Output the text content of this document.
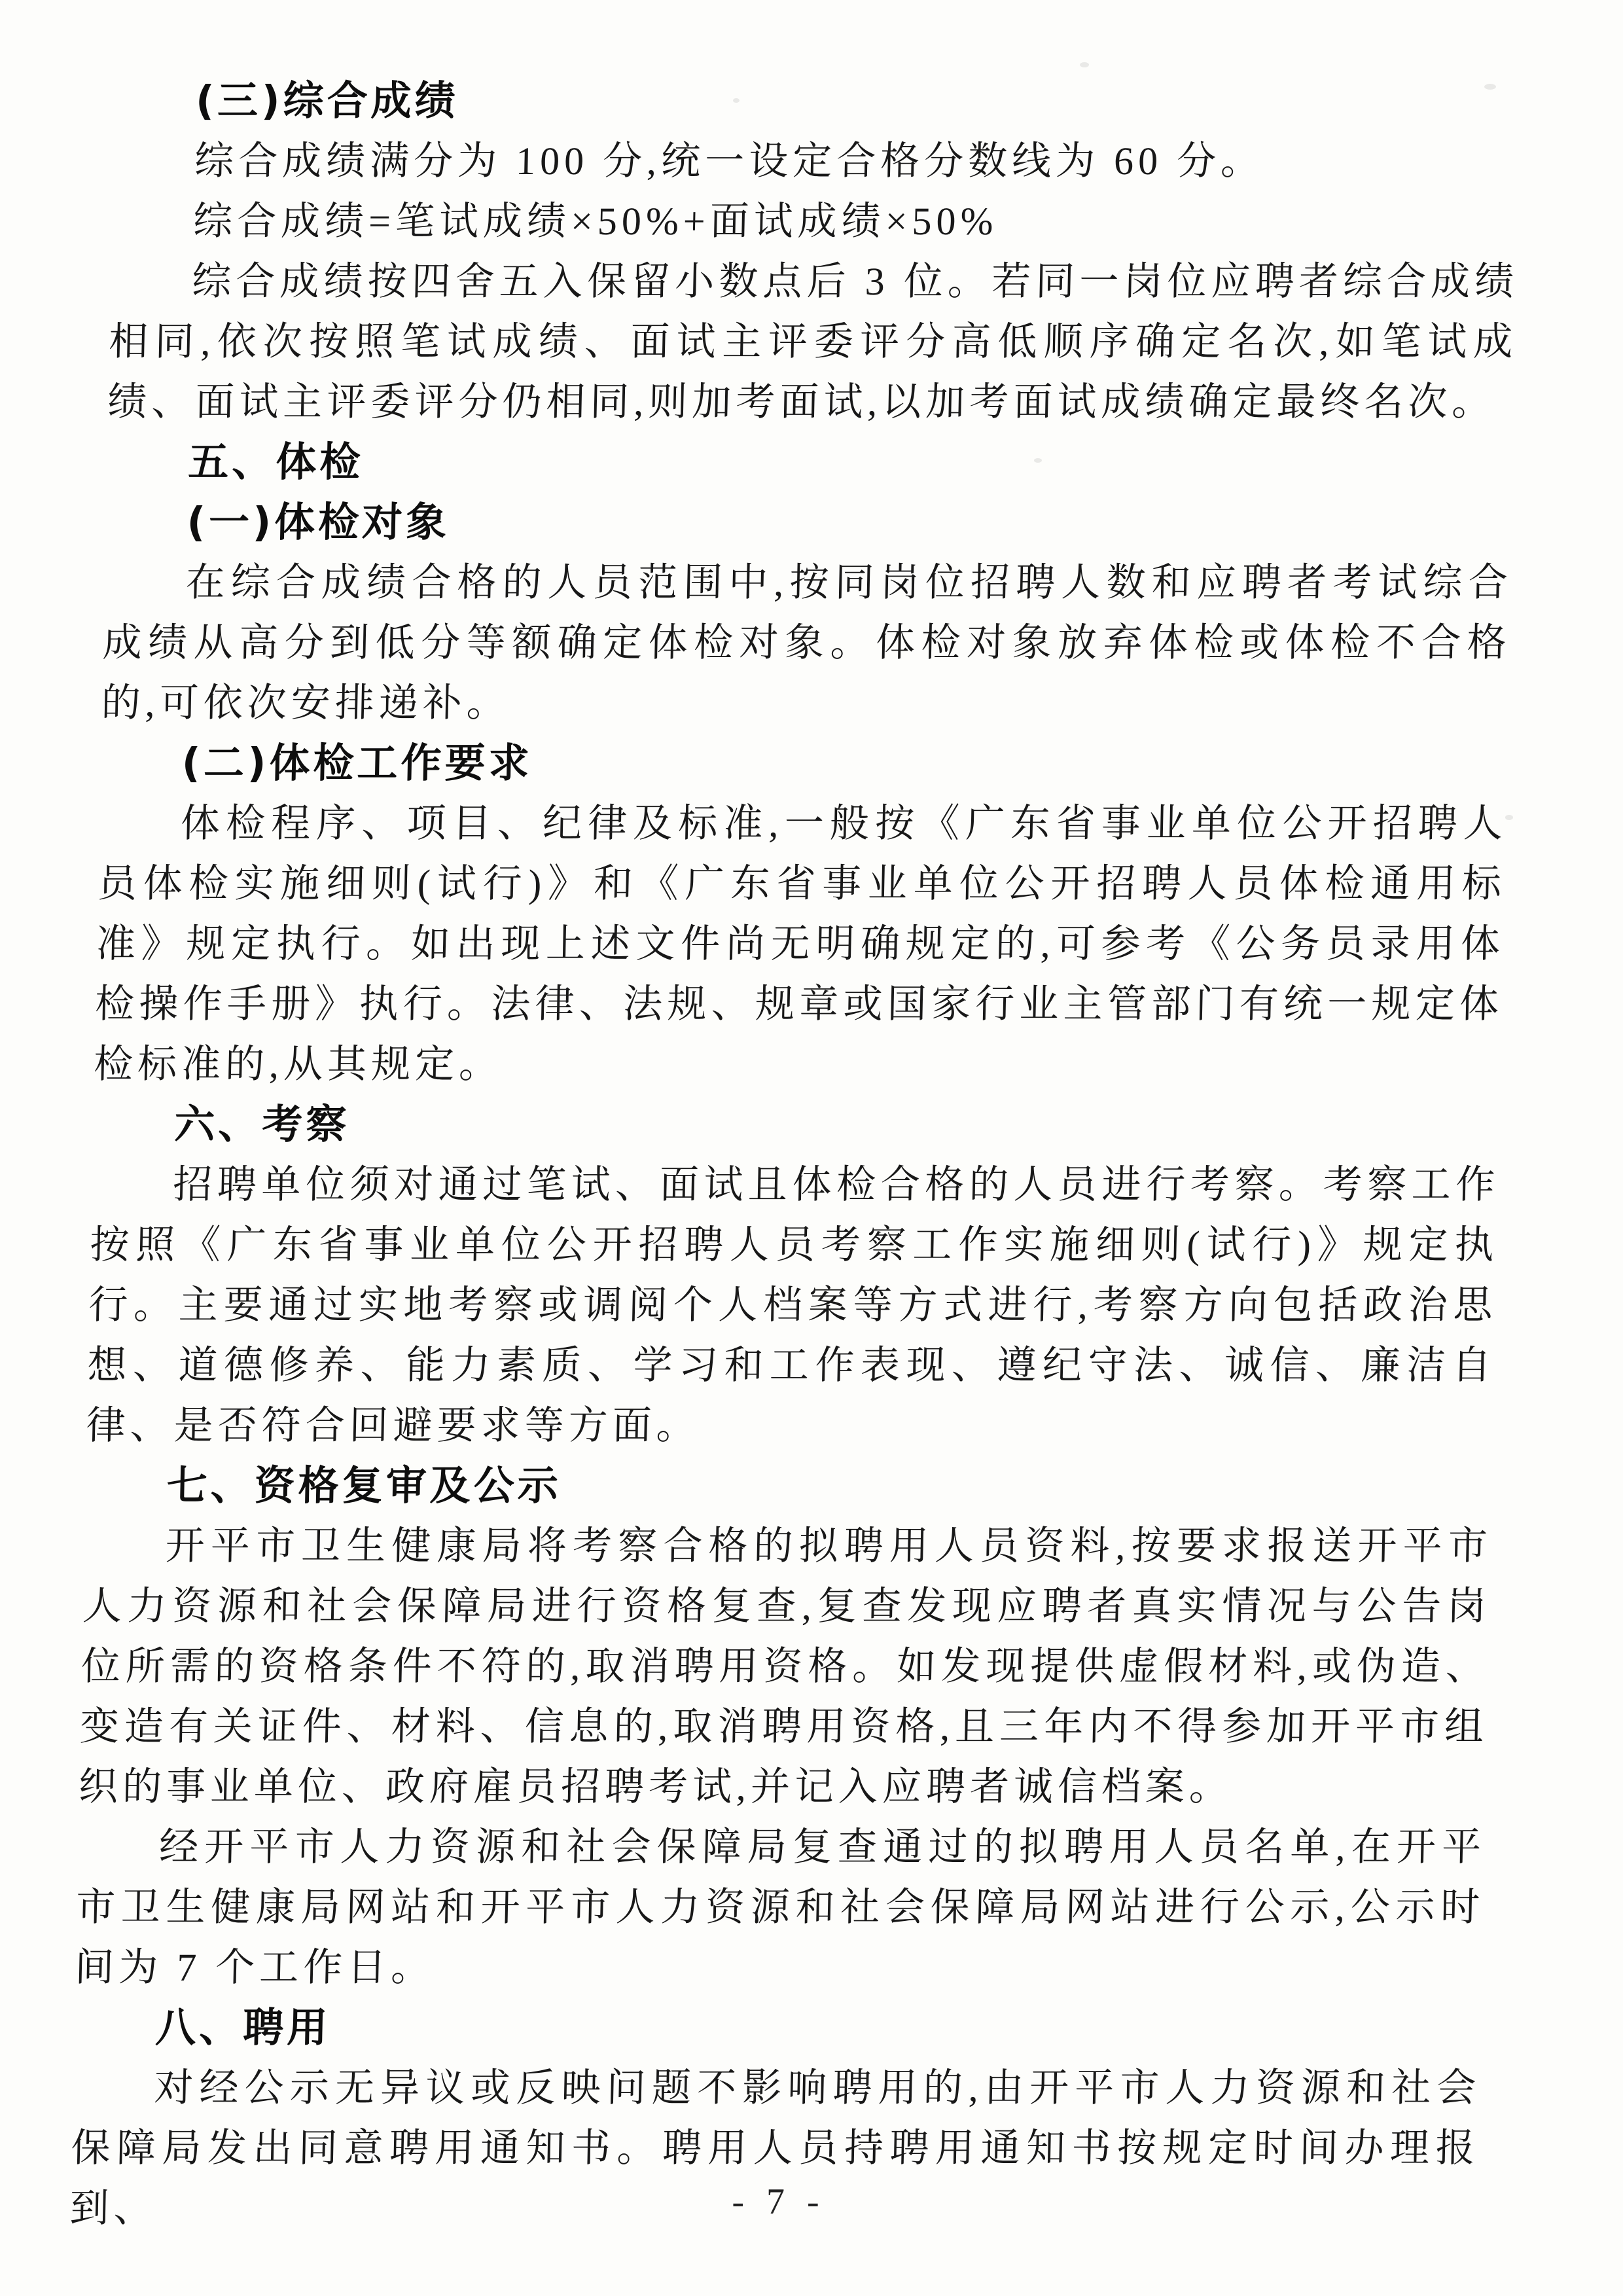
(三)综合成绩
综合成绩满分为 100 分,统一设定合格分数线为 60 分。
综合成绩=笔试成绩×50%+面试成绩×50%
综合成绩按四舍五入保留小数点后 3 位。若同一岗位应聘者综合成绩相同,依次按照笔试成绩、面试主评委评分高低顺序确定名次,如笔试成绩、面试主评委评分仍相同,则加考面试,以加考面试成绩确定最终名次。
五、体检
(一)体检对象
在综合成绩合格的人员范围中,按同岗位招聘人数和应聘者考试综合成绩从高分到低分等额确定体检对象。体检对象放弃体检或体检不合格的,可依次安排递补。
(二)体检工作要求
体检程序、项目、纪律及标准,一般按《广东省事业单位公开招聘人员体检实施细则(试行)》和《广东省事业单位公开招聘人员体检通用标准》规定执行。如出现上述文件尚无明确规定的,可参考《公务员录用体检操作手册》执行。法律、法规、规章或国家行业主管部门有统一规定体检标准的,从其规定。
六、考察
招聘单位须对通过笔试、面试且体检合格的人员进行考察。考察工作按照《广东省事业单位公开招聘人员考察工作实施细则(试行)》规定执行。主要通过实地考察或调阅个人档案等方式进行,考察方向包括政治思想、道德修养、能力素质、学习和工作表现、遵纪守法、诚信、廉洁自律、是否符合回避要求等方面。
七、资格复审及公示
开平市卫生健康局将考察合格的拟聘用人员资料,按要求报送开平市人力资源和社会保障局进行资格复查,复查发现应聘者真实情况与公告岗位所需的资格条件不符的,取消聘用资格。如发现提供虚假材料,或伪造、变造有关证件、材料、信息的,取消聘用资格,且三年内不得参加开平市组织的事业单位、政府雇员招聘考试,并记入应聘者诚信档案。
经开平市人力资源和社会保障局复查通过的拟聘用人员名单,在开平市卫生健康局网站和开平市人力资源和社会保障局网站进行公示,公示时间为 7 个工作日。
八、聘用
对经公示无异议或反映问题不影响聘用的,由开平市人力资源和社会保障局发出同意聘用通知书。聘用人员持聘用通知书按规定时间办理报到、	- 7 -
